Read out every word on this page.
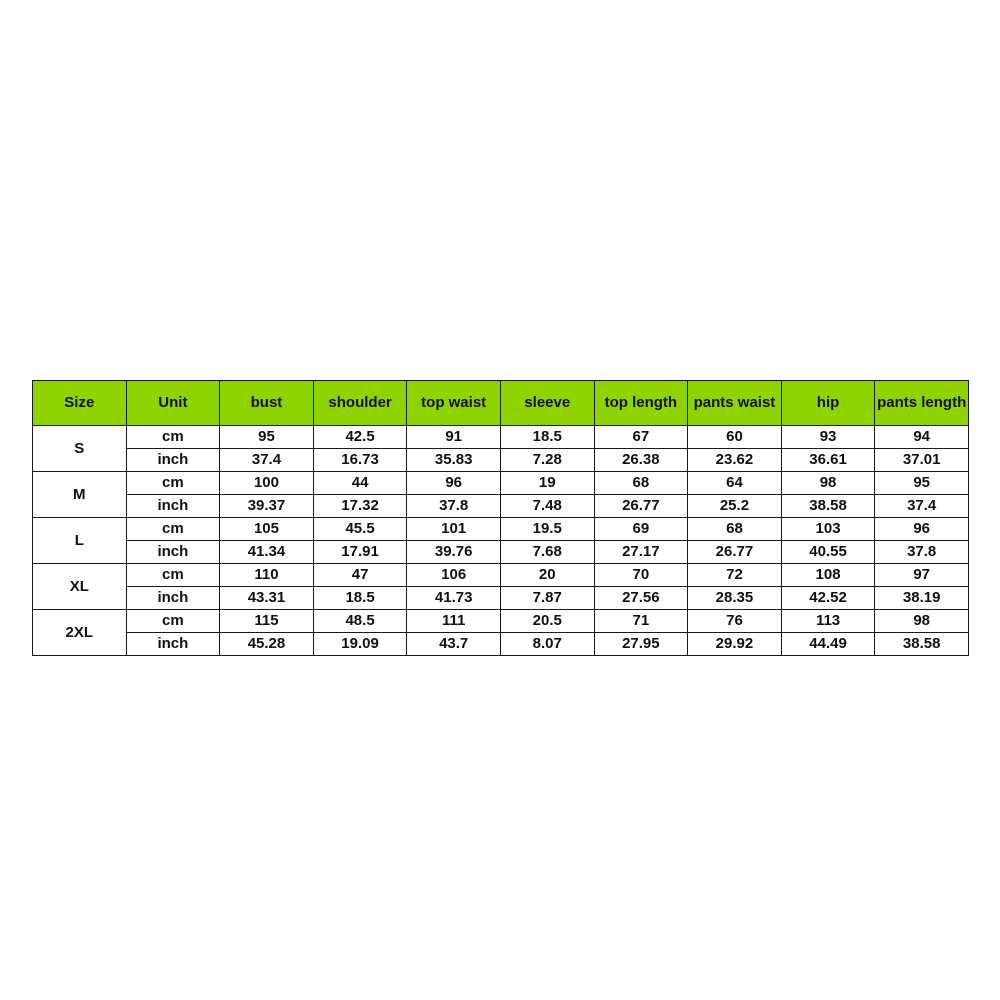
Size	Unit	bust	shoulder	top waist	sleeve	top length	pants waist	hip	pants length
S	cm	95	42.5	91	18.5	67	60	93	94
	inch	37.4	16.73	35.83	7.28	26.38	23.62	36.61	37.01
M	cm	100	44	96	19	68	64	98	95
	inch	39.37	17.32	37.8	7.48	26.77	25.2	38.58	37.4
L	cm	105	45.5	101	19.5	69	68	103	96
	inch	41.34	17.91	39.76	7.68	27.17	26.77	40.55	37.8
XL	cm	110	47	106	20	70	72	108	97
	inch	43.31	18.5	41.73	7.87	27.56	28.35	42.52	38.19
2XL	cm	115	48.5	111	20.5	71	76	113	98
	inch	45.28	19.09	43.7	8.07	27.95	29.92	44.49	38.58
